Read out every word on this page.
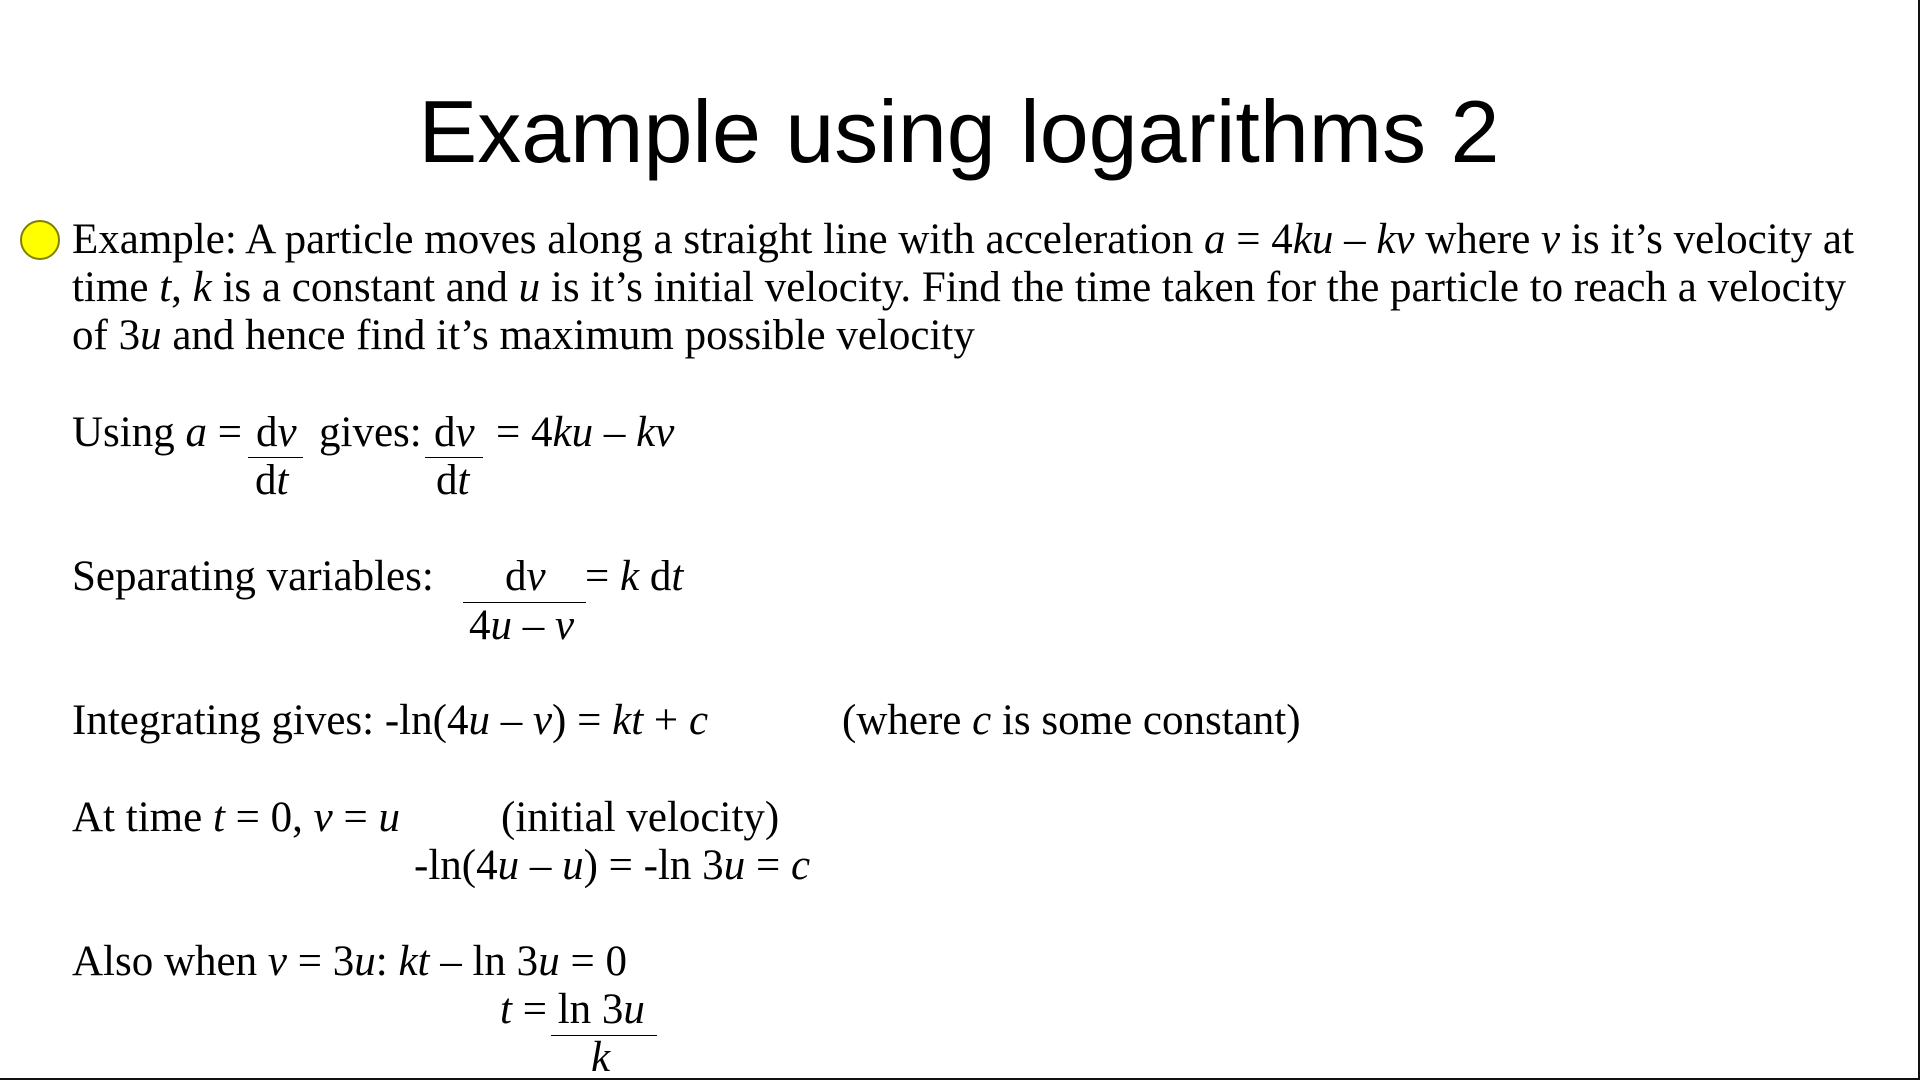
Example using logarithms 2
Example: A particle moves along a straight line with acceleration a = 4ku – kv where v is it’s velocity at
time t, k is a constant and u is it’s initial velocity. Find the time taken for the particle to reach a velocity
of 3u and hence find it’s maximum possible velocity
Using a = dv
dt
gives: dv
dt
= 4ku – kv
Separating variables: dv
4u – v
= k dt
Integrating gives: -ln(4u – v) = kt + c	(where c is some constant)
At time t = 0, v = u (initial velocity)
-ln(4u – u) = -ln 3u = c
Also when v = 3u: kt – ln 3u = 0
t = ln 3u
k
